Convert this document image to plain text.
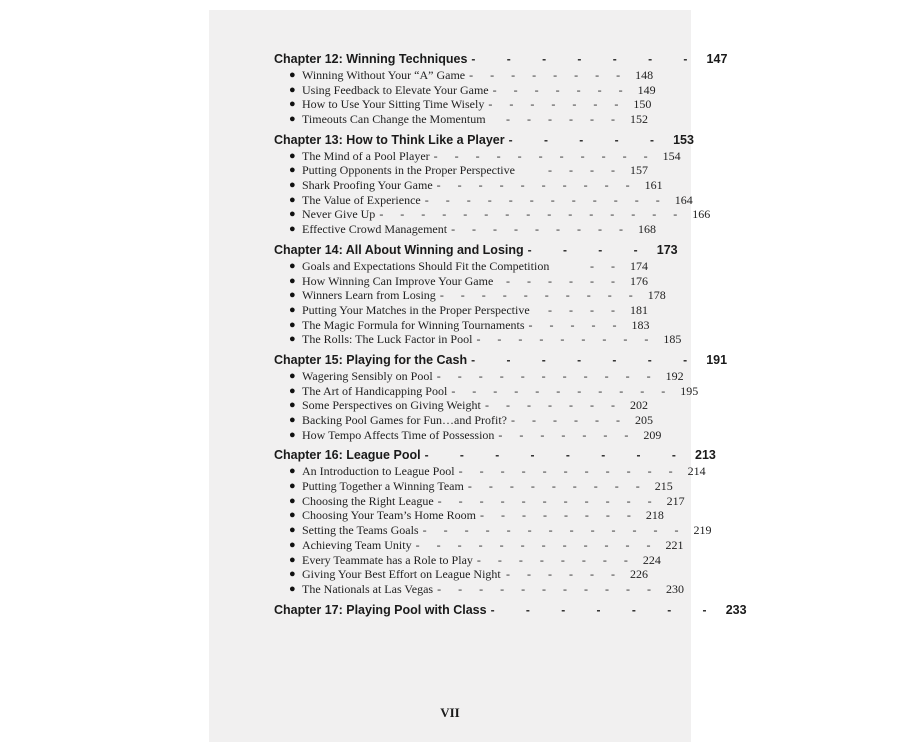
Chapter 12: Winning Techniques - - - - - - - 147
● Winning Without Your “A” Game - - - - - - - - 148
● Using Feedback to Elevate Your Game - - - - - - - 149
● How to Use Your Sitting Time Wisely - - - - - - - 150
● Timeouts Can Change the Momentum	- - - - - - 152
Chapter 13: How to Think Like a Player - - - - - 153
● The Mind of a Pool Player - - - - - - - - - - - 154
● Putting Opponents in the Proper Perspective	- - - - 157
● Shark Proofing Your Game - - - - - - - - - - 161
● The Value of Experience - - - - - - - - - - - - 164
● Never Give Up - - - - - - - - - - - - - - - 166
● Effective Crowd Management - - - - - - - - - 168
Chapter 14: All About Winning and Losing - - - - 173
● Goals and Expectations Should Fit the Competition	- - 174
● How Winning Can Improve Your Game	- - - - - - 176
● Winners Learn from Losing - - - - - - - - - - 178
● Putting Your Matches in the Proper Perspective	- - - - 181
● The Magic Formula for Winning Tournaments - - - - - 183
● The Rolls: The Luck Factor in Pool - - - - - - - - - 185
Chapter 15: Playing for the Cash - - - - - - - 191
● Wagering Sensibly on Pool - - - - - - - - - - - 192
● The Art of Handicapping Pool - - - - - - - - - - - 195
● Some Perspectives on Giving Weight - - - - - - - 202
● Backing Pool Games for Fun…and Profit? - - - - - - 205
● How Tempo Affects Time of Possession - - - - - - - 209
Chapter 16: League Pool - - - - - - - - 213
● An Introduction to League Pool - - - - - - - - - - - 214
● Putting Together a Winning Team - - - - - - - - - 215
● Choosing the Right League - - - - - - - - - - - 217
● Choosing Your Team’s Home Room - - - - - - - - 218
● Setting the Teams Goals - - - - - - - - - - - - - 219
● Achieving Team Unity - - - - - - - - - - - - 221
● Every Teammate has a Role to Play - - - - - - - - 224
● Giving Your Best Effort on League Night - - - - - - 226
● The Nationals at Las Vegas - - - - - - - - - - - 230
Chapter 17: Playing Pool with Class - - - - - - - 233
VII
